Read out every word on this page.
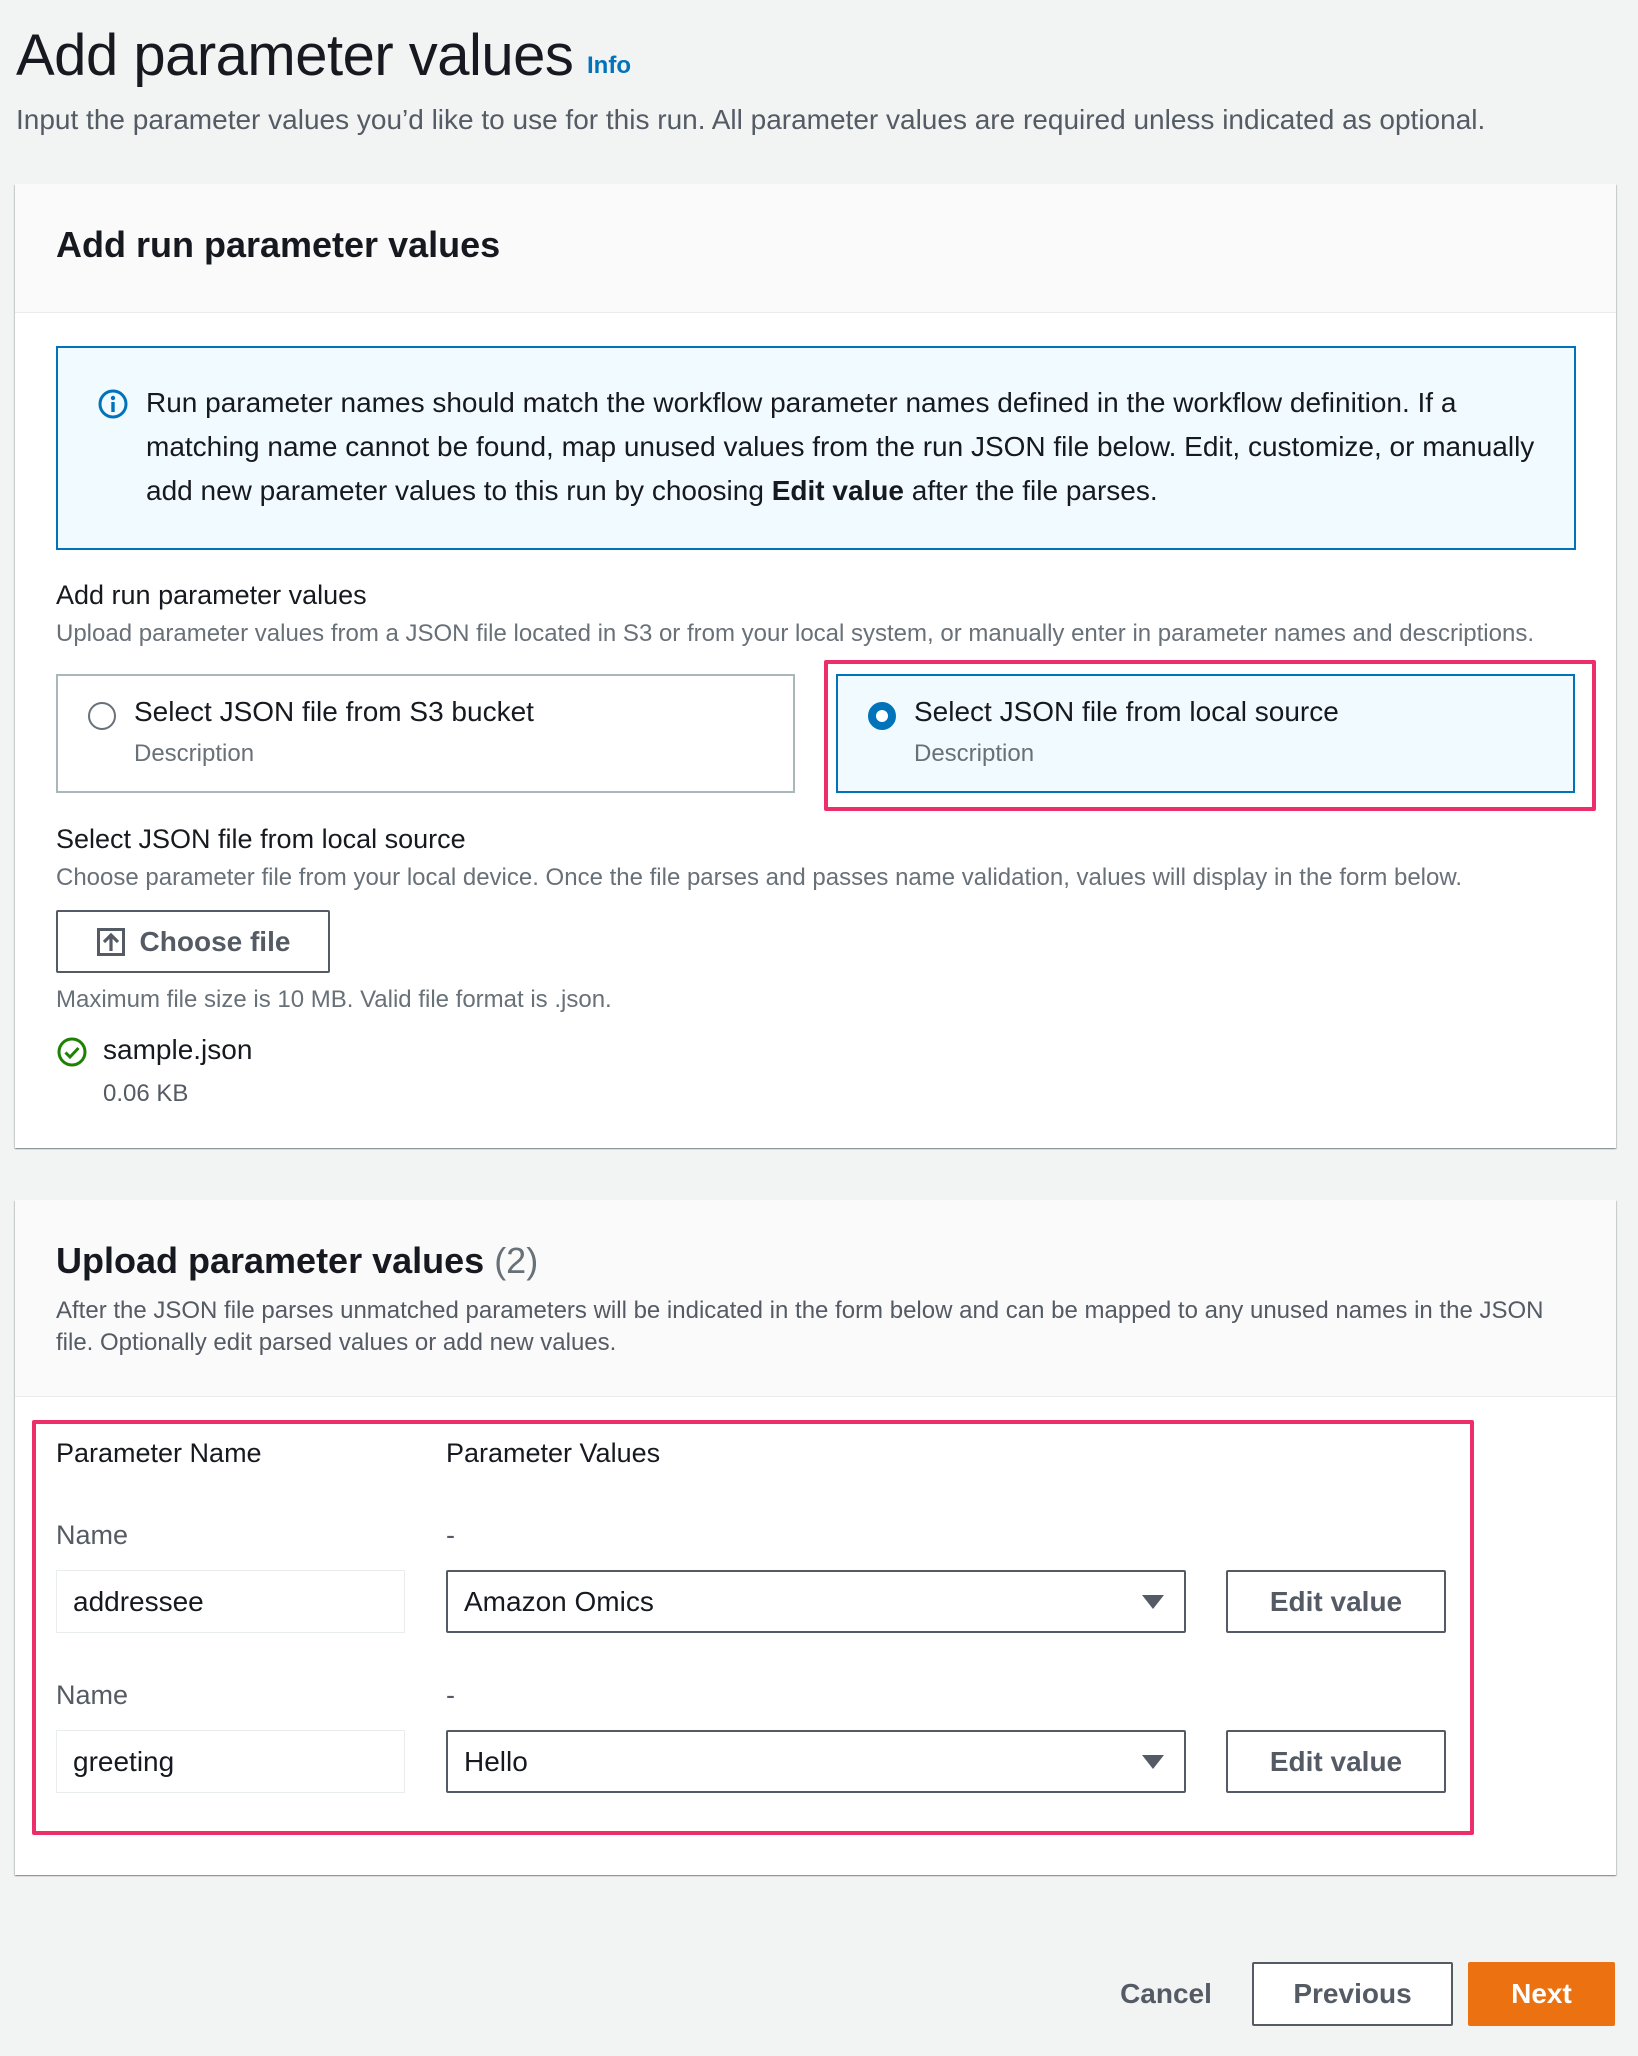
Add parameter values Info

Input the parameter values you’d like to use for this run. All parameter values are required unless indicated as optional.

Add run parameter values
Run parameter names should match the workflow parameter names defined in the workflow definition. If a matching name cannot be found, map unused values from the run JSON file below. Edit, customize, or manually add new parameter values to this run by choosing Edit value after the file parses.
Add run parameter values
Upload parameter values from a JSON file located in S3 or from your local system, or manually enter in parameter names and descriptions.
Select JSON file from S3 bucket
Description
Select JSON file from local source
Description
Select JSON file from local source
Choose parameter file from your local device. Once the file parses and passes name validation, values will display in the form below.
Choose file
Maximum file size is 10 MB. Valid file format is .json.
sample.json
0.06 KB
Upload parameter values (2)
After the JSON file parses unmatched parameters will be indicated in the form below and can be mapped to any unused names in the JSON file. Optionally edit parsed values or add new values.
Parameter Name	Parameter Values
Name	-
addressee	Amazon Omics	Edit value
Name	-
greeting	Hello	Edit value
Cancel	Previous	Next
